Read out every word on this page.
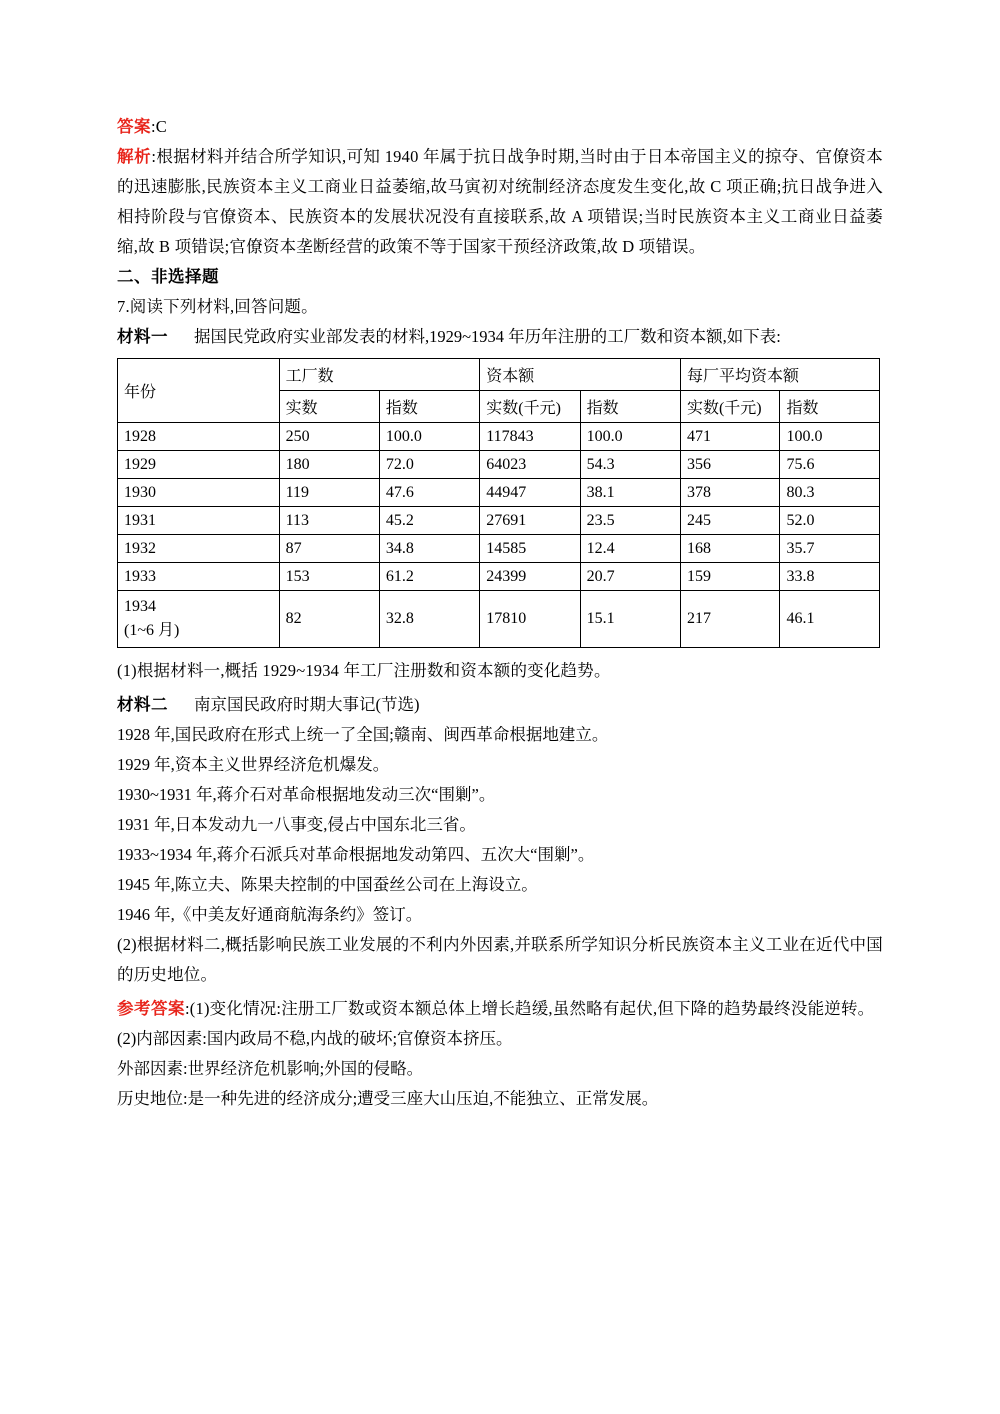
答案:C

解析:根据材料并结合所学知识,可知 1940 年属于抗日战争时期,当时由于日本帝国主义的掠夺、官僚资本的迅速膨胀,民族资本主义工商业日益萎缩,故马寅初对统制经济态度发生变化,故 C 项正确;抗日战争进入相持阶段与官僚资本、民族资本的发展状况没有直接联系,故 A 项错误;当时民族资本主义工商业日益萎缩,故 B 项错误;官僚资本垄断经营的政策不等于国家干预经济政策,故 D 项错误。

二、非选择题

7.阅读下列材料,回答问题。

材料一 据国民党政府实业部发表的材料,1929~1934 年历年注册的工厂数和资本额,如下表:

年份	工厂数		资本额		每厂平均资本额	
	实数	指数	实数(千元)	指数	实数(千元)	指数
1928	250	100.0	117843	100.0	471	100.0
1929	180	72.0	64023	54.3	356	75.6
1930	119	47.6	44947	38.1	378	80.3
1931	113	45.2	27691	23.5	245	52.0
1932	87	34.8	14585	12.4	168	35.7
1933	153	61.2	24399	20.7	159	33.8
1934
(1~6 月)	82	32.8	17810	15.1	217	46.1

(1)根据材料一,概括 1929~1934 年工厂注册数和资本额的变化趋势。

材料二 南京国民政府时期大事记(节选)

1928 年,国民政府在形式上统一了全国;赣南、闽西革命根据地建立。

1929 年,资本主义世界经济危机爆发。

1930~1931 年,蒋介石对革命根据地发动三次“围剿”。

1931 年,日本发动九一八事变,侵占中国东北三省。

1933~1934 年,蒋介石派兵对革命根据地发动第四、五次大“围剿”。

1945 年,陈立夫、陈果夫控制的中国蚕丝公司在上海设立。

1946 年,《中美友好通商航海条约》签订。

(2)根据材料二,概括影响民族工业发展的不利内外因素,并联系所学知识分析民族资本主义工业在近代中国的历史地位。

参考答案:(1)变化情况:注册工厂数或资本额总体上增长趋缓,虽然略有起伏,但下降的趋势最终没能逆转。

(2)内部因素:国内政局不稳,内战的破坏;官僚资本挤压。

外部因素:世界经济危机影响;外国的侵略。

历史地位:是一种先进的经济成分;遭受三座大山压迫,不能独立、正常发展。
